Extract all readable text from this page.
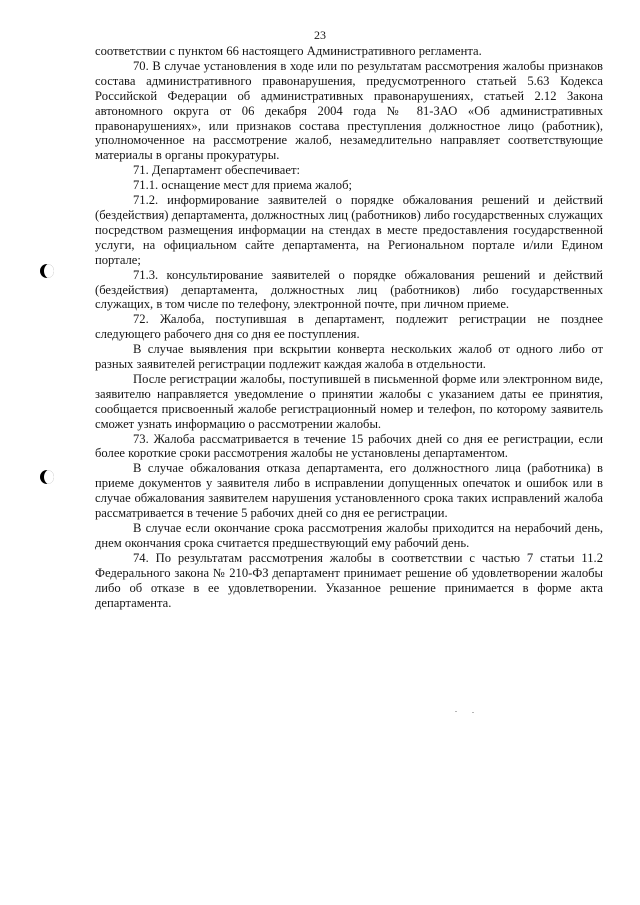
23

соответствии с пунктом 66 настоящего Административного регламента.

70. В случае установления в ходе или по результатам рассмотрения жалобы признаков состава административного правонарушения, предусмотренного статьей 5.63 Кодекса Российской Федерации об административных правонарушениях, статьей 2.12 Закона автономного округа от 06 декабря 2004 года № 81-ЗАО «Об административных правонарушениях», или признаков состава преступления должностное лицо (работник), уполномоченное на рассмотрение жалоб, незамедлительно направляет соответствующие материалы в органы прокуратуры.

71. Департамент обеспечивает:

71.1. оснащение мест для приема жалоб;

71.2. информирование заявителей о порядке обжалования решений и действий (бездействия) департамента, должностных лиц (работников) либо государственных служащих посредством размещения информации на стендах в месте предоставления государственной услуги, на официальном сайте департамента, на Региональном портале и/или Едином портале;

71.3. консультирование заявителей о порядке обжалования решений и действий (бездействия) департамента, должностных лиц (работников) либо государственных служащих, в том числе по телефону, электронной почте, при личном приеме.

72. Жалоба, поступившая в департамент, подлежит регистрации не позднее следующего рабочего дня со дня ее поступления.

В случае выявления при вскрытии конверта нескольких жалоб от одного либо от разных заявителей регистрации подлежит каждая жалоба в отдельности.

После регистрации жалобы, поступившей в письменной форме или электронном виде, заявителю направляется уведомление о принятии жалобы с указанием даты ее принятия, сообщается присвоенный жалобе регистрационный номер и телефон, по которому заявитель сможет узнать информацию о рассмотрении жалобы.

73. Жалоба рассматривается в течение 15 рабочих дней со дня ее регистрации, если более короткие сроки рассмотрения жалобы не установлены департаментом.

В случае обжалования отказа департамента, его должностного лица (работника) в приеме документов у заявителя либо в исправлении допущенных опечаток и ошибок или в случае обжалования заявителем нарушения установленного срока таких исправлений жалоба рассматривается в течение 5 рабочих дней со дня ее регистрации.

В случае если окончание срока рассмотрения жалобы приходится на нерабочий день, днем окончания срока считается предшествующий ему рабочий день.

74. По результатам рассмотрения жалобы в соответствии с частью 7 статьи 11.2 Федерального закона № 210-ФЗ департамент принимает решение об удовлетворении жалобы либо об отказе в ее удовлетворении. Указанное решение принимается в форме акта департамента.
